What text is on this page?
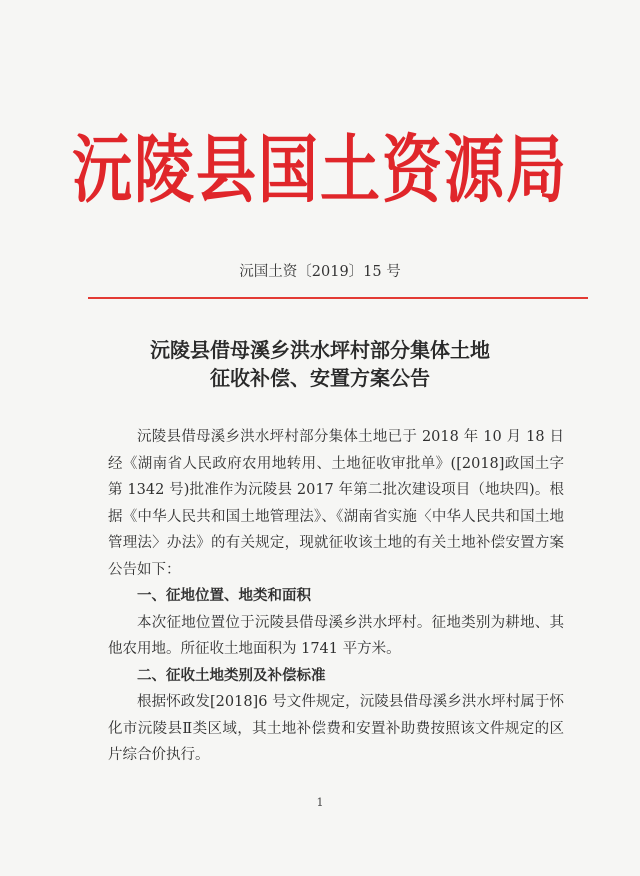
沅陵县国土资源局
沅国土资〔2019〕15 号
沅陵县借母溪乡洪水坪村部分集体土地
征收补偿、安置方案公告

沅陵县借母溪乡洪水坪村部分集体土地已于 2018 年 10 月 18 日经《湖南省人民政府农用地转用、土地征收审批单》([2018]政国土字第 1342 号)批准作为沅陵县 2017 年第二批次建设项目（地块四)。根据《中华人民共和国土地管理法》、《湖南省实施〈中华人民共和国土地管理法〉办法》的有关规定，现就征收该土地的有关土地补偿安置方案公告如下：

一、征地位置、地类和面积

本次征地位置位于沅陵县借母溪乡洪水坪村。征地类别为耕地、其他农用地。所征收土地面积为 1741 平方米。

二、征收土地类别及补偿标准

根据怀政发[2018]6 号文件规定，沅陵县借母溪乡洪水坪村属于怀化市沅陵县Ⅱ类区域，其土地补偿费和安置补助费按照该文件规定的区片综合价执行。

1
